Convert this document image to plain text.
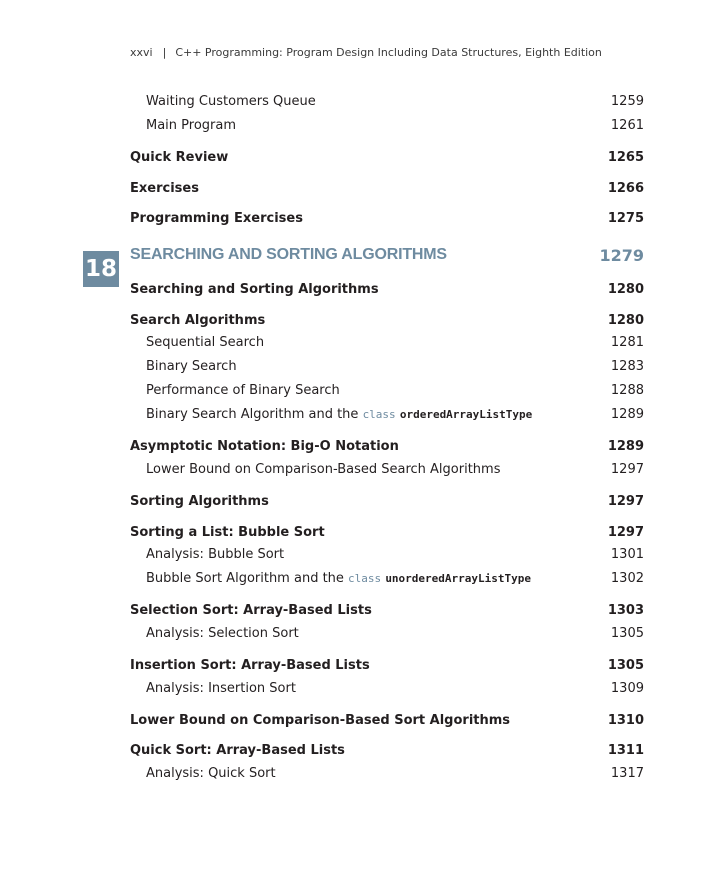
xxvi | C++ Programming: Program Design Including Data Structures, Eighth Edition
Waiting Customers Queue	1259
Main Program	1261
Quick Review	1265
Exercises	1266
Programming Exercises	1275
18
SEARCHING AND SORTING ALGORITHMS	1279
Searching and Sorting Algorithms	1280
Search Algorithms	1280
Sequential Search	1281
Binary Search	1283
Performance of Binary Search	1288
Binary Search Algorithm and the class orderedArrayListType	1289
Asymptotic Notation: Big-O Notation	1289
Lower Bound on Comparison-Based Search Algorithms	1297
Sorting Algorithms	1297
Sorting a List: Bubble Sort	1297
Analysis: Bubble Sort	1301
Bubble Sort Algorithm and the class unorderedArrayListType	1302
Selection Sort: Array-Based Lists	1303
Analysis: Selection Sort	1305
Insertion Sort: Array-Based Lists	1305
Analysis: Insertion Sort	1309
Lower Bound on Comparison-Based Sort Algorithms	1310
Quick Sort: Array-Based Lists	1311
Analysis: Quick Sort	1317
